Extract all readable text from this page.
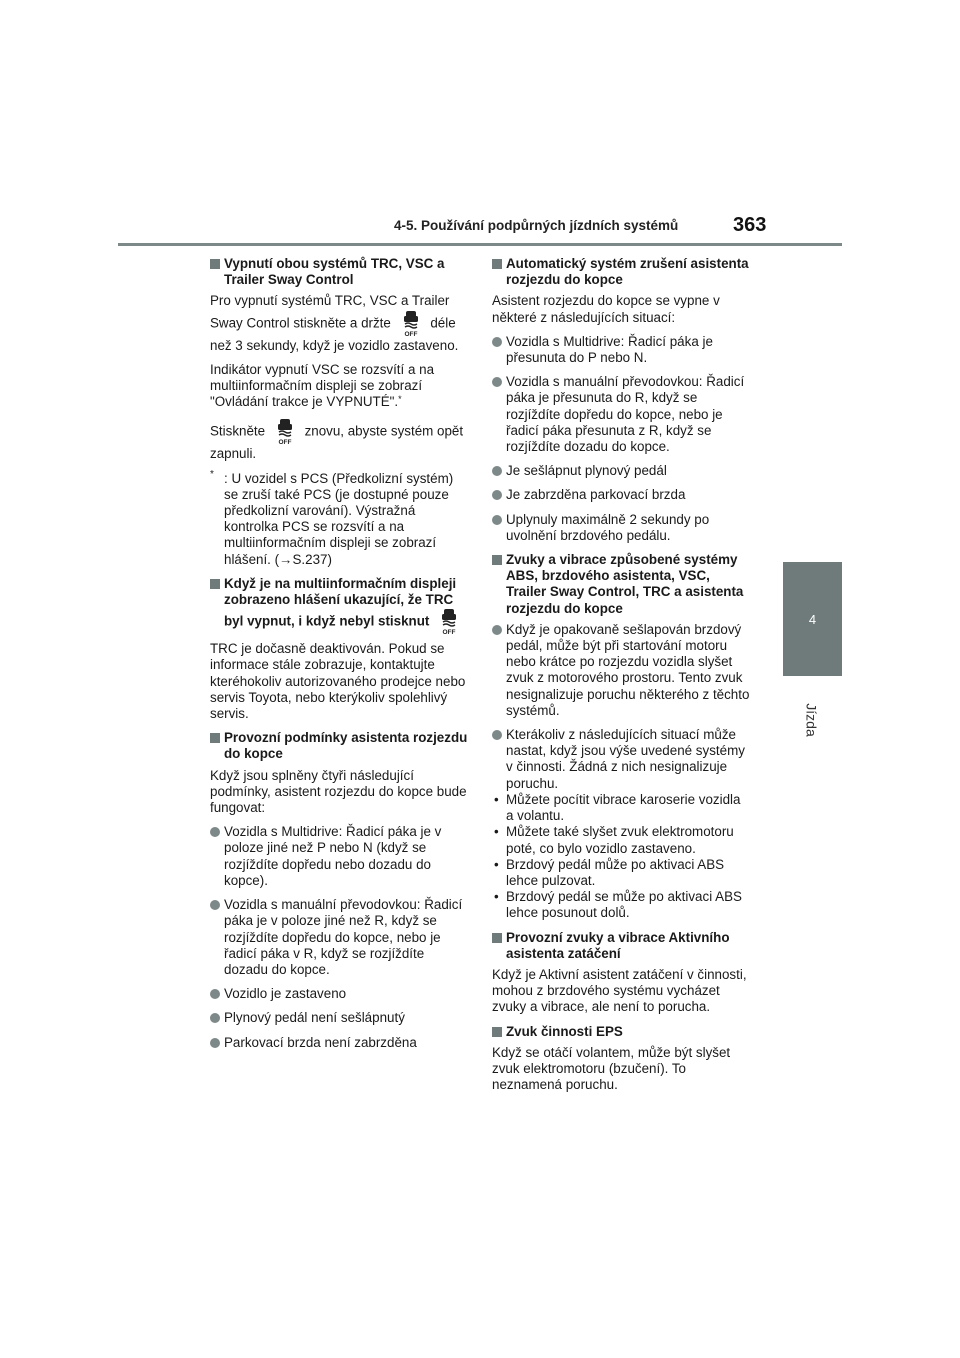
4-5. Používání podpůrných jízdních systémů	363
4
Jízda
Vypnutí obou systémů TRC, VSC a Trailer Sway Control

Pro vypnutí systémů TRC, VSC a Trailer Sway Control stiskněte a držte
OFF
déle než 3 sekundy, když je vozidlo zastaveno.

Indikátor vypnutí VSC se rozsvítí a na multiinformačním displeji se zobrazí "Ovládání trakce je VYPNUTÉ".*

Stiskněte
OFF
znovu, abyste systém opět zapnuli.

* : U vozidel s PCS (Předkolizní systém) se zruší také PCS (je dostupné pouze předkolizní varování). Výstražná kontrolka PCS se rozsvítí a na multiinformačním displeji se zobrazí hlášení. (→S.237)
Když je na multiinformačním displeji zobrazeno hlášení ukazující, že TRC byl vypnut, i když nebyl stisknut
OFF

TRC je dočasně deaktivován. Pokud se informace stále zobrazuje, kontaktujte kteréhokoliv autorizovaného prodejce nebo servis Toyota, nebo kterýkoliv spolehlivý servis.

Provozní podmínky asistenta rozjezdu do kopce

Když jsou splněny čtyři následující podmínky, asistent rozjezdu do kopce bude fungovat:

Vozidla s Multidrive: Řadicí páka je v poloze jiné než P nebo N (když se rozjíždíte dopředu nebo dozadu do kopce).
Vozidla s manuální převodovkou: Řadicí páka je v poloze jiné než R, když se rozjíždíte dopředu do kopce, nebo je řadicí páka v R, když se rozjíždíte dozadu do kopce.
Vozidlo je zastaveno
Plynový pedál není sešlápnutý
Parkovací brzda není zabrzděna
Automatický systém zrušení asistenta rozjezdu do kopce

Asistent rozjezdu do kopce se vypne v některé z následujících situací:

Vozidla s Multidrive: Řadicí páka je přesunuta do P nebo N.
Vozidla s manuální převodovkou: Řadicí páka je přesunuta do R, když se rozjíždíte dopředu do kopce, nebo je řadicí páka přesunuta z R, když se rozjíždíte dozadu do kopce.
Je sešlápnut plynový pedál
Je zabrzděna parkovací brzda
Uplynuly maximálně 2 sekundy po uvolnění brzdového pedálu.
Zvuky a vibrace způsobené systémy ABS, brzdového asistenta, VSC, Trailer Sway Control, TRC a asistenta rozjezdu do kopce
Když je opakovaně sešlapován brzdový pedál, může být při startování motoru nebo krátce po rozjezdu vozidla slyšet zvuk z motorového prostoru. Tento zvuk nesignalizuje poruchu některého z těchto systémů.
Kterákoliv z následujících situací může nastat, když jsou výše uvedené systémy v činnosti. Žádná z nich nesignalizuje poruchu.
• Můžete pocítit vibrace karoserie vozidla a volantu.
• Můžete také slyšet zvuk elektromotoru poté, co bylo vozidlo zastaveno.
• Brzdový pedál může po aktivaci ABS lehce pulzovat.
• Brzdový pedál se může po aktivaci ABS lehce posunout dolů.
Provozní zvuky a vibrace Aktivního asistenta zatáčení

Když je Aktivní asistent zatáčení v činnosti, mohou z brzdového systému vycházet zvuky a vibrace, ale není to porucha.

Zvuk činnosti EPS

Když se otáčí volantem, může být slyšet zvuk elektromotoru (bzučení). To neznamená poruchu.
